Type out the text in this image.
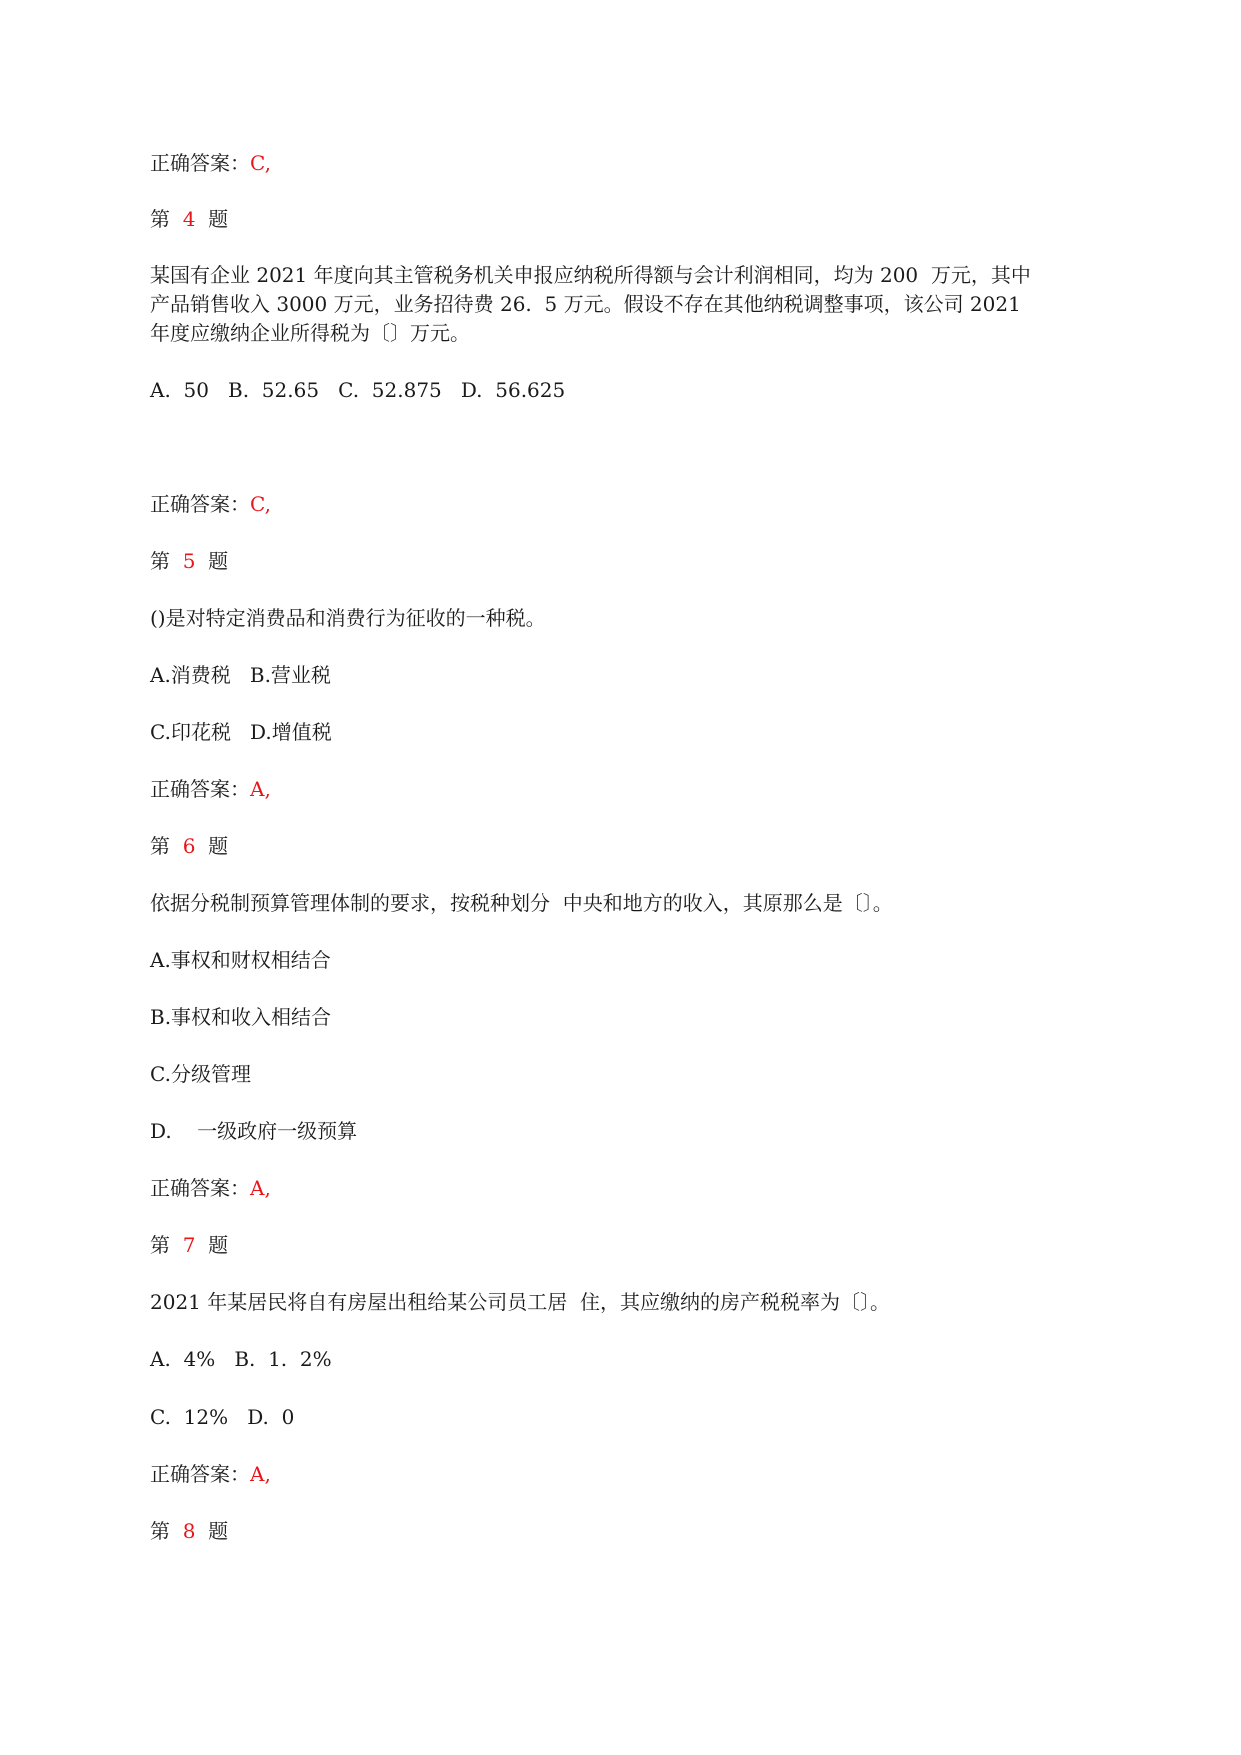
正确答案：C,
第 4 题
某国有企业 2021 年度向其主管税务机关申报应纳税所得额与会计利润相同，均为 200  万元，其中
产品销售收入 3000 万元，业务招待费 26.  5 万元。假设不存在其他纳税调整事项，该公司 2021
年度应缴纳企业所得税为〔〕万元。
A.  50   B.  52.65   C.  52.875   D.  56.625
正确答案：C,
第 5 题
()是对特定消费品和消费行为征收的一种税。
A.消费税   B.营业税
C.印花税   D.增值税
正确答案：A,
第 6 题
依据分税制预算管理体制的要求，按税种划分  中央和地方的收入，其原那么是〔〕。
A.事权和财权相结合
B.事权和收入相结合
C.分级管理
D.    一级政府一级预算
正确答案：A,
第 7 题
2021 年某居民将自有房屋出租给某公司员工居  住，其应缴纳的房产税税率为〔〕。
A.  4%   B.  1.  2%
C.  12%   D.  0
正确答案：A,
第 8 题
